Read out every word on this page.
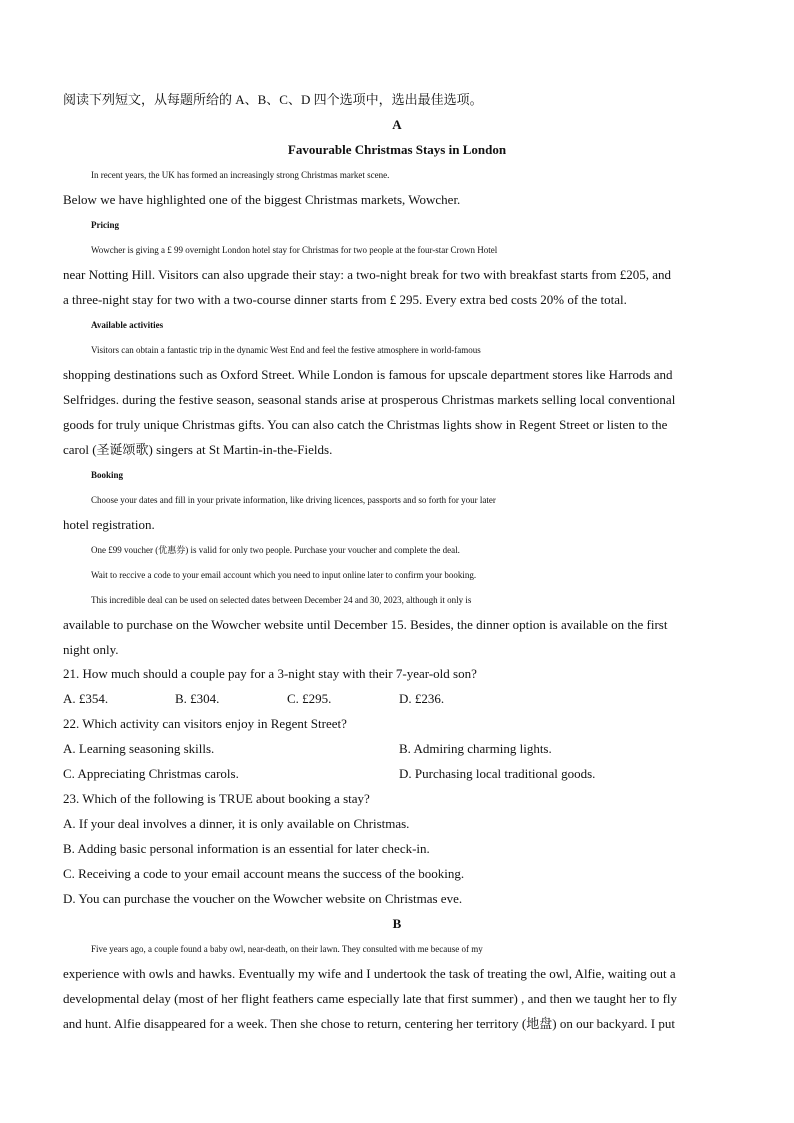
阅读下列短文，从每题所给的 A、B、C、D 四个选项中，选出最佳选项。
A
Favourable Christmas Stays in London
In recent years, the UK has formed an increasingly strong Christmas market scene.
Below we have highlighted one of the biggest Christmas markets, Wowcher.
Pricing
Wowcher is giving a £ 99 overnight London hotel stay for Christmas for two people at the four-star Crown Hotel
near Notting Hill. Visitors can also upgrade their stay: a two-night break for two with breakfast starts from £205, and
a three-night stay for two with a two-course dinner starts from £ 295. Every extra bed costs 20% of the total.
Available activities
Visitors can obtain a fantastic trip in the dynamic West End and feel the festive atmosphere in world-famous
shopping destinations such as Oxford Street. While London is famous for upscale department stores like Harrods and
Selfridges. during the festive season, seasonal stands arise at prosperous Christmas markets selling local conventional
goods for truly unique Christmas gifts. You can also catch the Christmas lights show in Regent Street or listen to the
carol (圣诞颂歌) singers at St Martin-in-the-Fields.
Booking
Choose your dates and fill in your private information, like driving licences, passports and so forth for your later
hotel registration.
One £99 voucher (优惠券) is valid for only two people. Purchase your voucher and complete the deal.
Wait to reccive a code to your email account which you need to input online later to confirm your booking.
This incredible deal can be used on selected dates between December 24 and 30, 2023, although it only is
available to purchase on the Wowcher website until December 15. Besides, the dinner option is available on the first
night only.
21. How much should a couple pay for a 3-night stay with their 7-year-old son?
A. £354.	B. £304.	C. £295.	D. £236.
22. Which activity can visitors enjoy in Regent Street?
A. Learning seasoning skills.	B. Admiring charming lights.
C. Appreciating Christmas carols.	D. Purchasing local traditional goods.
23. Which of the following is TRUE about booking a stay?
A. If your deal involves a dinner, it is only available on Christmas.
B. Adding basic personal information is an essential for later check-in.
C. Receiving a code to your email account means the success of the booking.
D. You can purchase the voucher on the Wowcher website on Christmas eve.
B
Five years ago, a couple found a baby owl, near-death, on their lawn. They consulted with me because of my
experience with owls and hawks. Eventually my wife and I undertook the task of treating the owl, Alfie, waiting out a
developmental delay (most of her flight feathers came especially late that first summer) , and then we taught her to fly
and hunt. Alfie disappeared for a week. Then she chose to return, centering her territory (地盘) on our backyard. I put
